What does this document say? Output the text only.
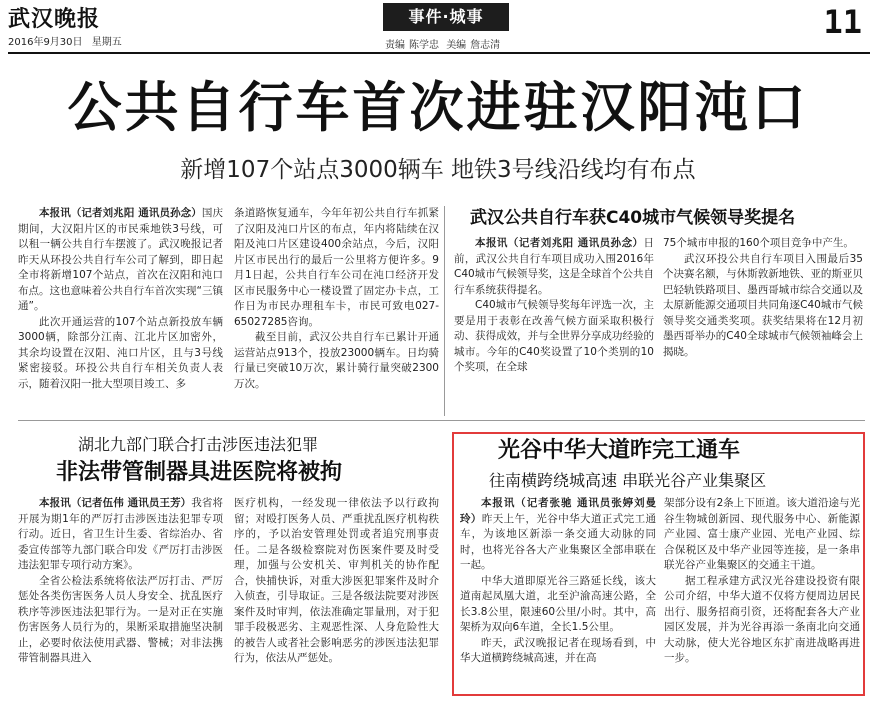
武汉晚报
2016年9月30日 星期五
事件·城事
责编 陈学忠 美编 詹志清
11
公共自行车首次进驻汉阳沌口
新增107个站点3000辆车 地铁3号线沿线均有布点

本报讯（记者刘兆阳 通讯员孙念）国庆期间，大汉阳片区的市民乘地铁3号线，可以租一辆公共自行车摆渡了。武汉晚报记者昨天从环投公共自行车公司了解到，即日起全市将新增107个站点，首次在汉阳和沌口布点。这也意味着公共自行车首次实现“三镇通”。

此次开通运营的107个站点新投放车辆3000辆，除部分江南、江北片区加密外，其余均设置在汉阳、沌口片区，且与3号线紧密接驳。环投公共自行车相关负责人表示，随着汉阳一批大型项目竣工、多

条道路恢复通车，今年年初公共自行车抓紧了汉阳及沌口片区的布点，年内将陆续在汉阳及沌口片区建设400余站点，今后，汉阳片区市民出行的最后一公里将方便许多。9月1日起，公共自行车公司在沌口经济开发区市民服务中心一楼设置了固定办卡点，工作日为市民办理租车卡，市民可致电027-65027285咨询。

截至目前，武汉公共自行车已累计开通运营站点913个，投放23000辆车。日均骑行量已突破10万次，累计骑行量突破2300万次。

武汉公共自行车获C40城市气候领导奖提名

本报讯（记者刘兆阳 通讯员孙念）日前，武汉公共自行车项目成功入围2016年C40城市气候领导奖，这是全球首个公共自行车系统获得提名。

C40城市气候领导奖每年评选一次，主要是用于表彰在改善气候方面采取积极行动、获得成效，并与全世界分享成功经验的城市。今年的C40奖设置了10个类别的10个奖项，在全球

75个城市申报的160个项目竞争中产生。

武汉环投公共自行车项目入围最后35个决赛名额，与休斯敦新地铁、亚的斯亚贝巴轻轨铁路项目、墨西哥城市综合交通以及太原新能源交通项目共同角逐C40城市气候领导奖交通类奖项。获奖结果将在12月初墨西哥举办的C40全球城市气候领袖峰会上揭晓。

湖北九部门联合打击涉医违法犯罪
非法带管制器具进医院将被拘

本报讯（记者伍伟 通讯员王芳）我省将开展为期1年的严厉打击涉医违法犯罪专项行动。近日，省卫生计生委、省综治办、省委宣传部等九部门联合印发《严厉打击涉医违法犯罪专项行动方案》。

全省公检法系统将依法严厉打击、严厉惩处各类伤害医务人员人身安全、扰乱医疗秩序等涉医违法犯罪行为。一是对正在实施伤害医务人员行为的，果断采取措施坚决制止，必要时依法使用武器、警械；对非法携带管制器具进入

医疗机构，一经发现一律依法予以行政拘留；对殴打医务人员、严重扰乱医疗机构秩序的，予以治安管理处罚或者追究刑事责任。二是各级检察院对伤医案件要及时受理，加强与公安机关、审判机关的协作配合，快捕快诉，对重大涉医犯罪案件及时介入侦查，引导取证。三是各级法院要对涉医案件及时审判，依法准确定罪量刑，对于犯罪手段极恶劣、主观恶性深、人身危险性大的被告人或者社会影响恶劣的涉医违法犯罪行为，依法从严惩处。

光谷中华大道昨完工通车
往南横跨绕城高速 串联光谷产业集聚区

本报讯（记者张驰 通讯员张婷刘曼玲）昨天上午，光谷中华大道正式完工通车，为该地区新添一条交通大动脉的同时，也将光谷各大产业集聚区全部串联在一起。

中华大道即原光谷三路延长线，该大道南起凤凰大道，北至沪渝高速公路，全长3.8公里，限速60公里/小时。其中，高架桥为双向6车道，全长1.5公里。

昨天，武汉晚报记者在现场看到，中华大道横跨绕城高速，并在高

架部分设有2条上下匝道。该大道沿途与光谷生物城创新园、现代服务中心、新能源产业园、富士康产业园、光电产业园、综合保税区及中华产业园等连接，是一条串联光谷产业集聚区的交通主干道。

据工程承建方武汉光谷建设投资有限公司介绍，中华大道不仅将方便周边居民出行、服务招商引资，还将配套各大产业园区发展，并为光谷再添一条南北向交通大动脉，使大光谷地区东扩南进战略再进一步。
